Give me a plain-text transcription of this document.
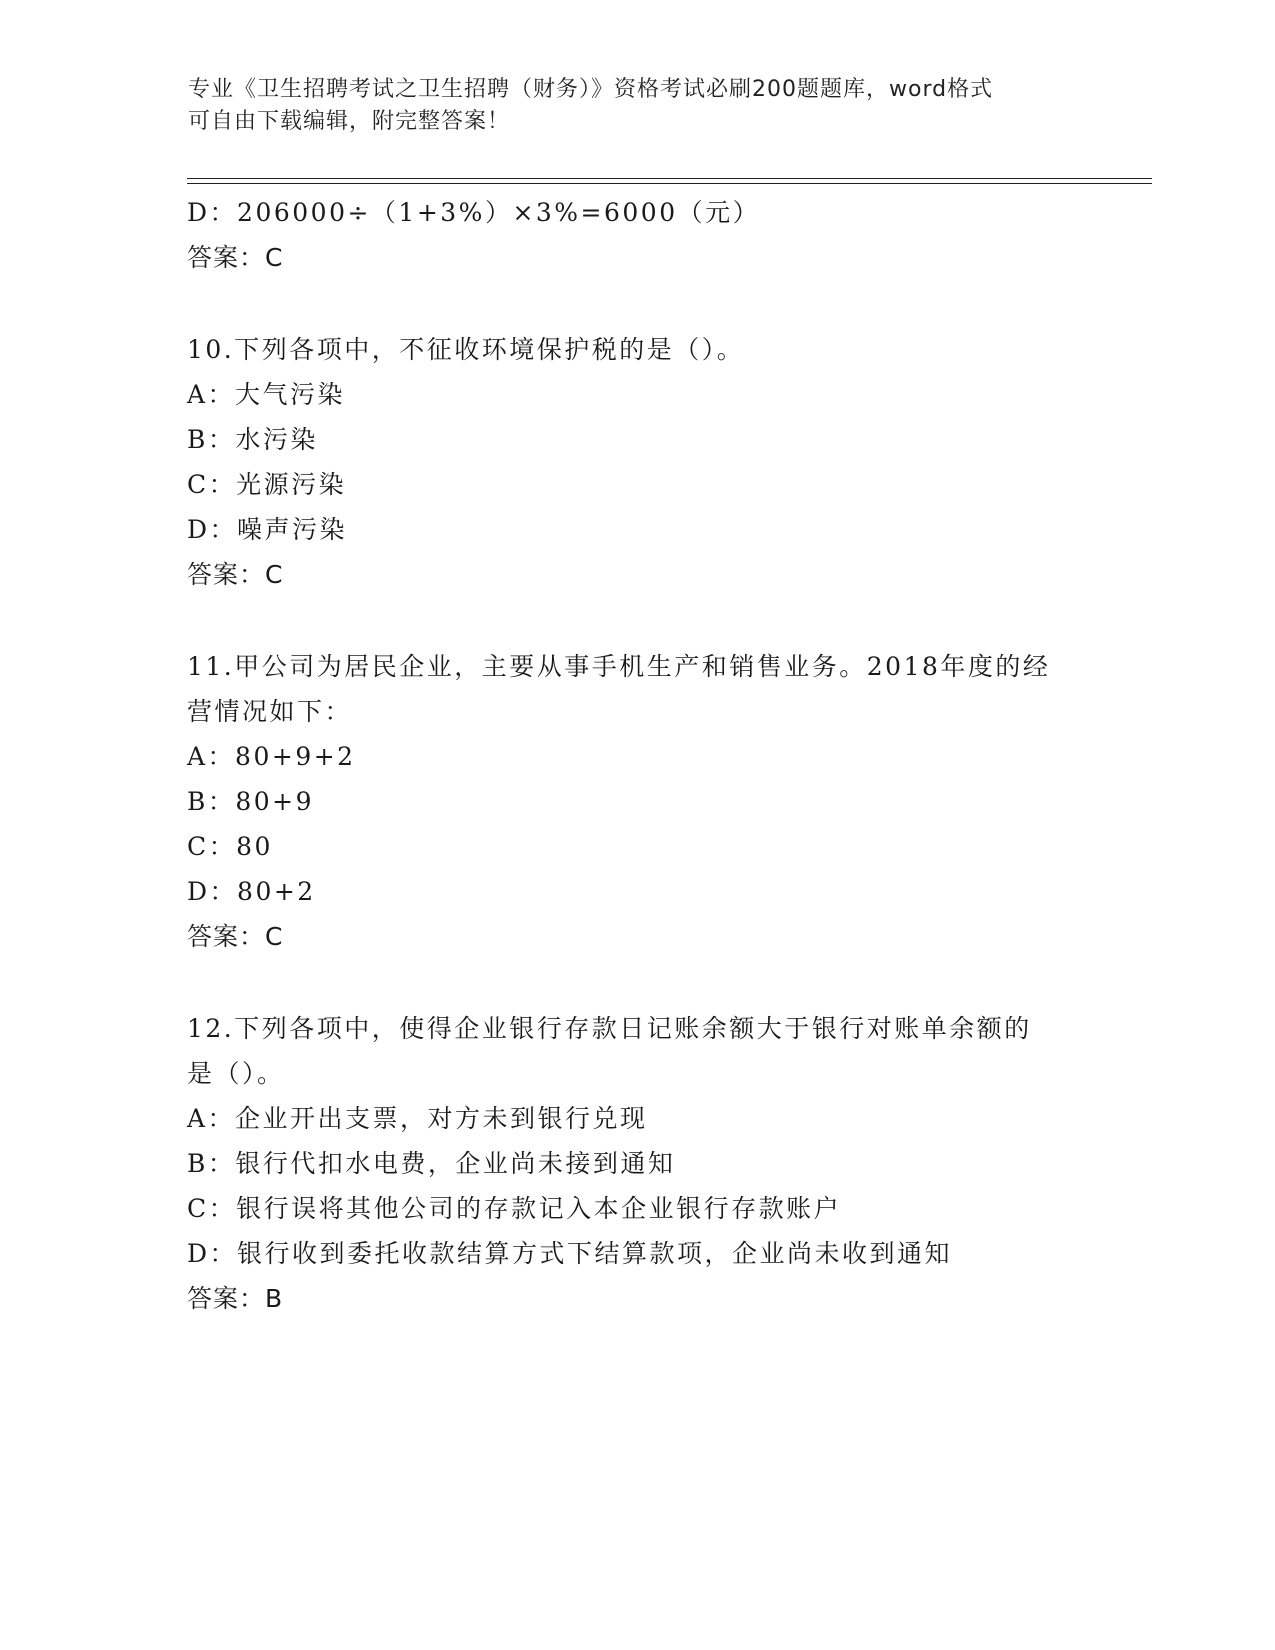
专业《卫生招聘考试之卫生招聘（财务）》资格考试必刷200题题库，word格式
可自由下载编辑，附完整答案！
D：206000÷（1+3%）×3%=6000（元）
答案：C
10.下列各项中，不征收环境保护税的是（）。
A：大气污染
B：水污染
C：光源污染
D：噪声污染
答案：C
11.甲公司为居民企业，主要从事手机生产和销售业务。2018年度的经
营情况如下：
A：80+9+2
B：80+9
C：80
D：80+2
答案：C
12.下列各项中，使得企业银行存款日记账余额大于银行对账单余额的
是（）。
A：企业开出支票，对方未到银行兑现
B：银行代扣水电费，企业尚未接到通知
C：银行误将其他公司的存款记入本企业银行存款账户
D：银行收到委托收款结算方式下结算款项，企业尚未收到通知
答案：B
